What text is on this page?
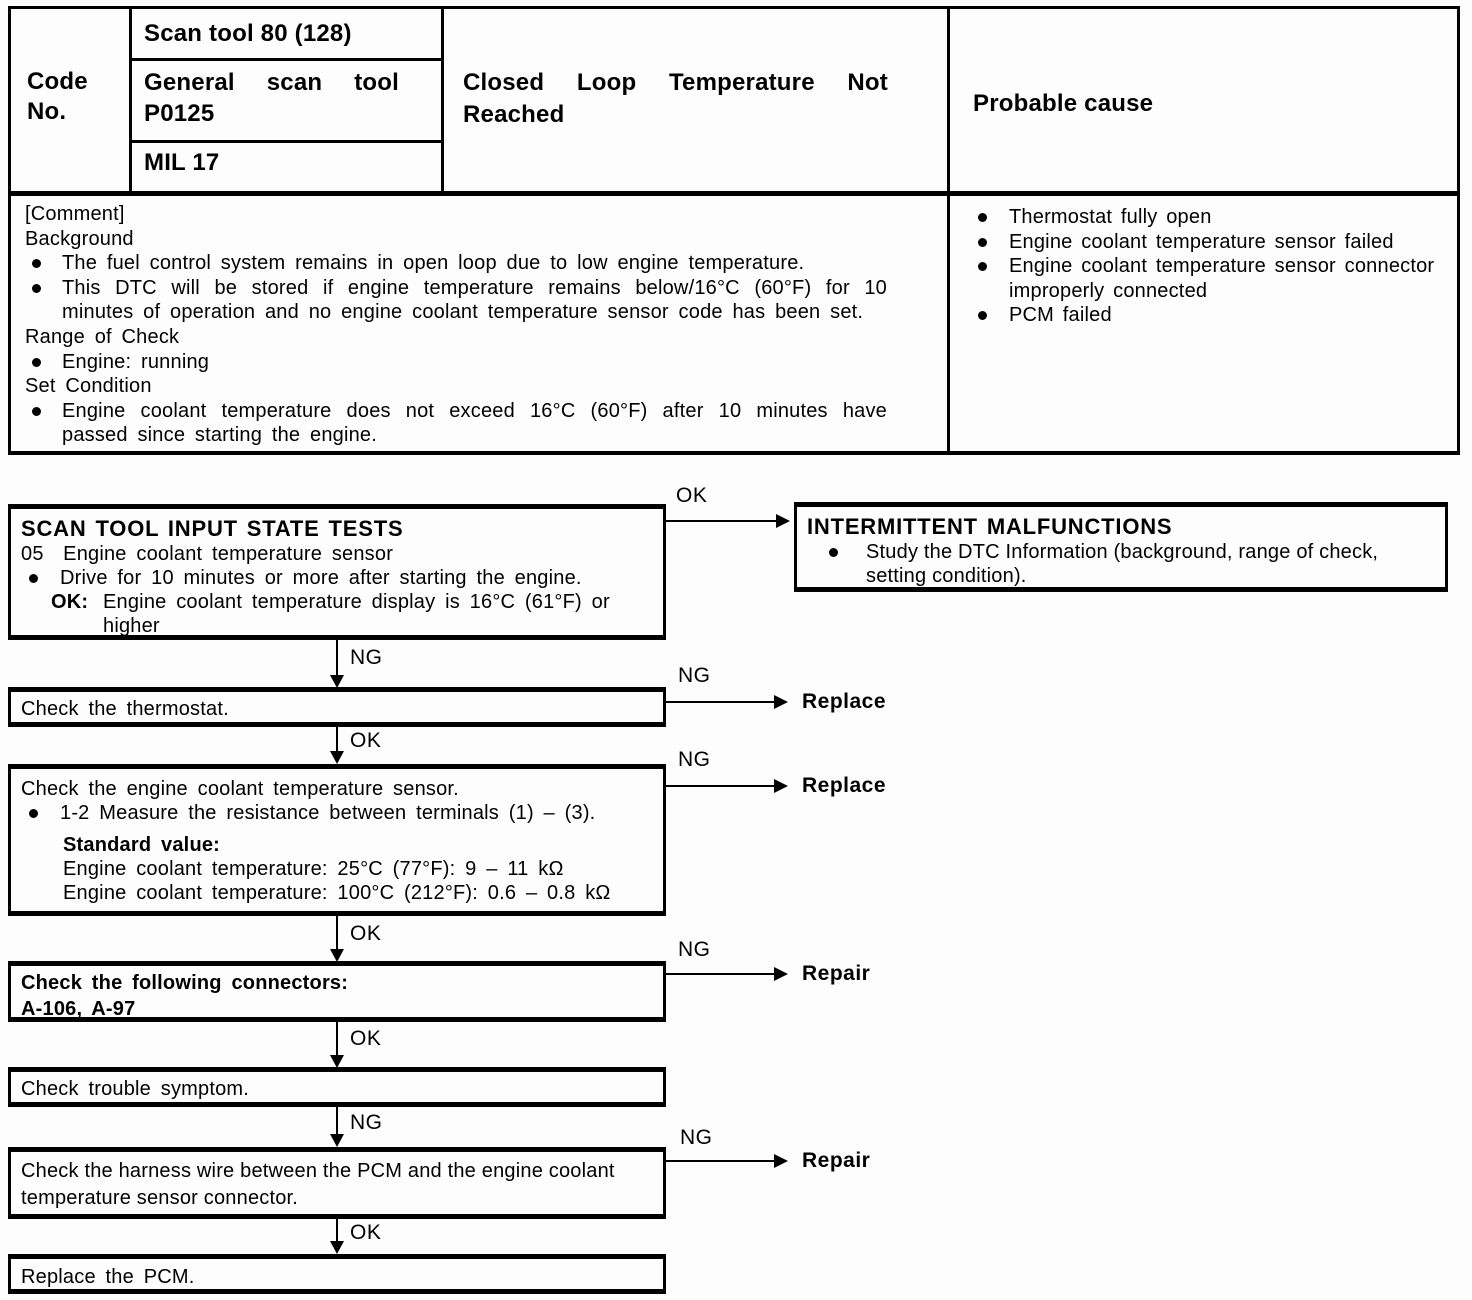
Code No.
Scan tool 80 (128)
General scan tool P0125
MIL 17
Closed Loop Temperature Not Reached	Probable cause
[Comment]
Background
The fuel control system remains in open loop due to low engine temperature.
This DTC will be stored if engine temperature remains below/16°C (60°F) for 10 minutes of operation and no engine coolant temperature sensor code has been set.
Range of Check
Engine: running
Set Condition
Engine coolant temperature does not exceed 16°C (60°F) after 10 minutes have passed since starting the engine.
Thermostat fully open
Engine coolant temperature sensor failed
Engine coolant temperature sensor connector improperly connected
PCM failed
OK
SCAN TOOL INPUT STATE TESTS
05  Engine coolant temperature sensor
Drive for 10 minutes or more after starting the engine.
OK: Engine coolant temperature display is 16°C (61°F) or higher
INTERMITTENT MALFUNCTIONS
Study the DTC Information (background, range of check, setting condition).
NG
Check the thermostat.
NG
Replace
OK
Check the engine coolant temperature sensor.
1-2 Measure the resistance between terminals (1) – (3).
Standard value:
Engine coolant temperature: 25°C (77°F): 9 – 11 kΩ
Engine coolant temperature: 100°C (212°F): 0.6 – 0.8 kΩ
NG
Replace
OK
Check the following connectors:
A-106, A-97
NG
Repair
OK
Check trouble symptom.
NG
Check the harness wire between the PCM and the engine coolant temperature sensor connector.
NG
Repair
OK
Replace the PCM.
